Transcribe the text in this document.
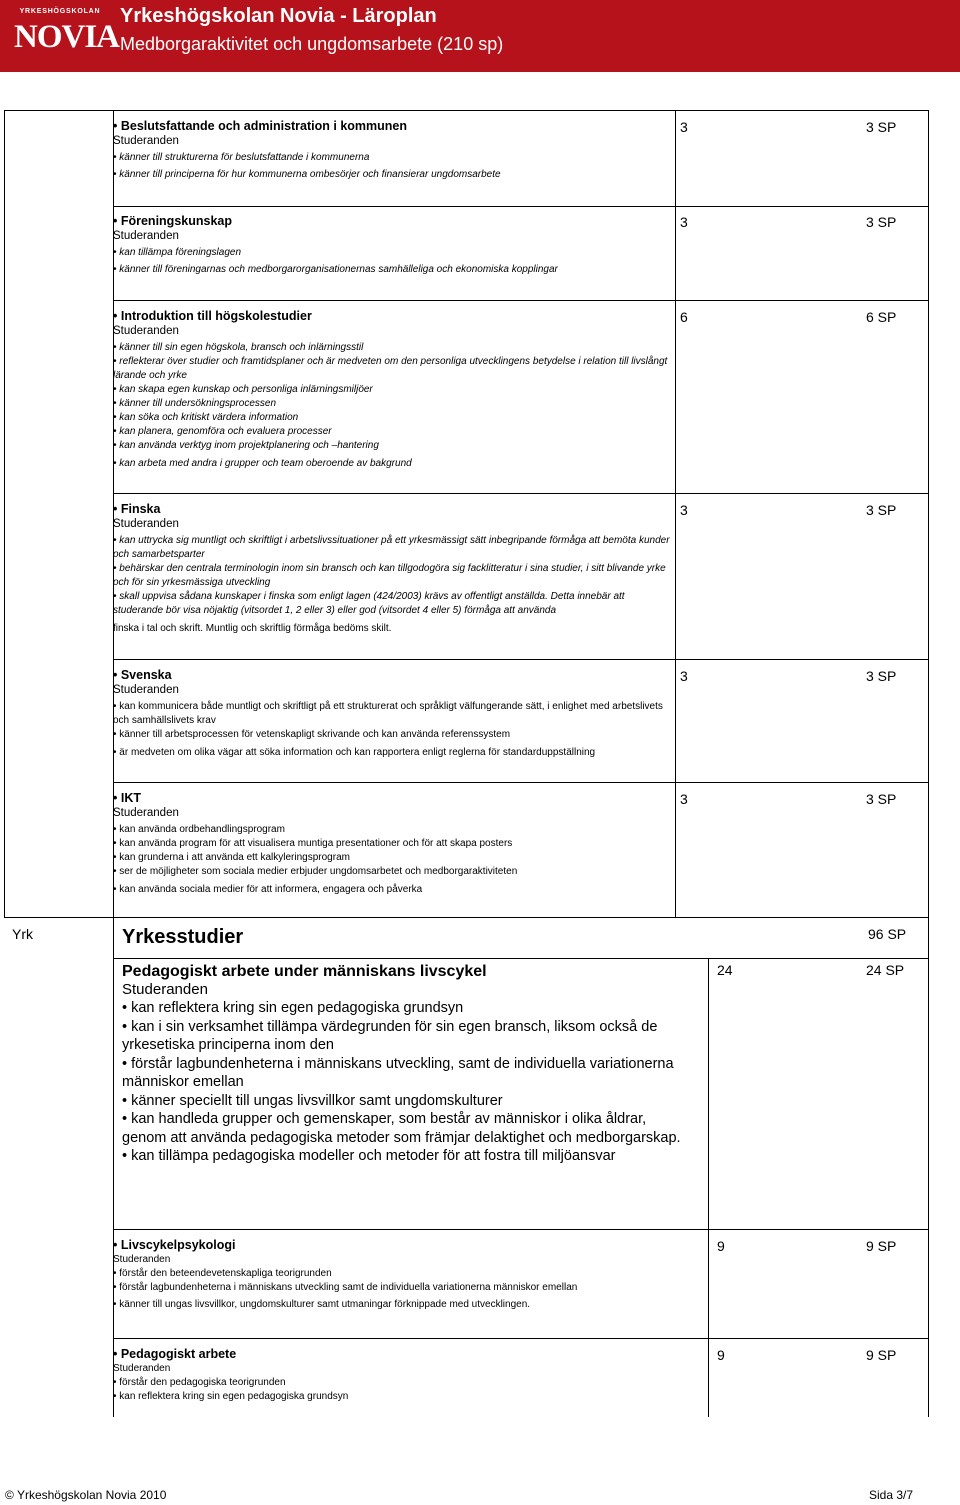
YRKESHÖGSKOLAN
NOVIA
Yrkeshögskolan Novia - Läroplan
Medborgaraktivitet och ungdomsarbete (210 sp)
• Beslutsfattande och administration i kommunen
Studeranden
• känner till strukturerna för beslutsfattande i kommunerna
• känner till principerna för hur kommunerna ombesörjer och finansierar ungdomsarbete
3	3 SP
• Föreningskunskap
Studeranden
• kan tillämpa föreningslagen
• känner till föreningarnas och medborgarorganisationernas samhälleliga och ekonomiska kopplingar
3	3 SP
• Introduktion till högskolestudier
Studeranden
• känner till sin egen högskola, bransch och inlärningsstil
• reflekterar över studier och framtidsplaner och är medveten om den personliga utvecklingens betydelse i relation till livslångt lärande och yrke
• kan skapa egen kunskap och personliga inlärningsmiljöer
• känner till undersökningsprocessen
• kan söka och kritiskt värdera information
• kan planera, genomföra och evaluera processer
• kan använda verktyg inom projektplanering och –hantering
• kan arbeta med andra i grupper och team oberoende av bakgrund
6	6 SP
• Finska
Studeranden
• kan uttrycka sig muntligt och skriftligt i arbetslivssituationer på ett yrkesmässigt sätt inbegripande förmåga att bemöta kunder och samarbetsparter
• behärskar den centrala terminologin inom sin bransch och kan tillgodogöra sig facklitteratur i sina studier, i sitt blivande yrke och för sin yrkesmässiga utveckling
• skall uppvisa sådana kunskaper i finska som enligt lagen (424/2003) krävs av offentligt anställda. Detta innebär att studerande bör visa nöjaktig (vitsordet 1, 2 eller 3) eller god (vitsordet 4 eller 5) förmåga att använda
finska i tal och skrift. Muntlig och skriftlig förmåga bedöms skilt.
3	3 SP
• Svenska
Studeranden
• kan kommunicera både muntligt och skriftligt på ett strukturerat och språkligt välfungerande sätt, i enlighet med arbetslivets och samhällslivets krav
• känner till arbetsprocessen för vetenskapligt skrivande och kan använda referenssystem
• är medveten om olika vägar att söka information och kan rapportera enligt reglerna för standarduppställning
3	3 SP
• IKT
Studeranden
• kan använda ordbehandlingsprogram
• kan använda program för att visualisera muntiga presentationer och för att skapa posters
• kan grunderna i att använda ett kalkyleringsprogram
• ser de möjligheter som sociala medier erbjuder ungdomsarbetet och medborgaraktiviteten
• kan använda sociala medier för att informera, engagera och påverka
3	3 SP
Yrk	Yrkesstudier	96 SP
Pedagogiskt arbete under människans livscykel
Studeranden
• kan reflektera kring sin egen pedagogiska grundsyn
• kan i sin verksamhet tillämpa värdegrunden för sin egen bransch, liksom också de yrkesetiska principerna inom den
• förstår lagbundenheterna i människans utveckling, samt de individuella variationerna människor emellan
• känner speciellt till ungas livsvillkor samt ungdomskulturer
• kan handleda grupper och gemenskaper, som består av människor i olika åldrar, genom att använda pedagogiska metoder som främjar delaktighet och medborgarskap.
• kan tillämpa pedagogiska modeller och metoder för att fostra till miljöansvar
24	24 SP
• Livscykelpsykologi
Studeranden
• förstår den beteendevetenskapliga teorigrunden
• förstår lagbundenheterna i människans utveckling samt de individuella variationerna människor emellan
• känner till ungas livsvillkor, ungdomskulturer samt utmaningar förknippade med utvecklingen.
9	9 SP
• Pedagogiskt arbete
Studeranden
• förstår den pedagogiska teorigrunden
• kan reflektera kring sin egen pedagogiska grundsyn
9	9 SP
© Yrkeshögskolan Novia 2010	Sida 3/7
